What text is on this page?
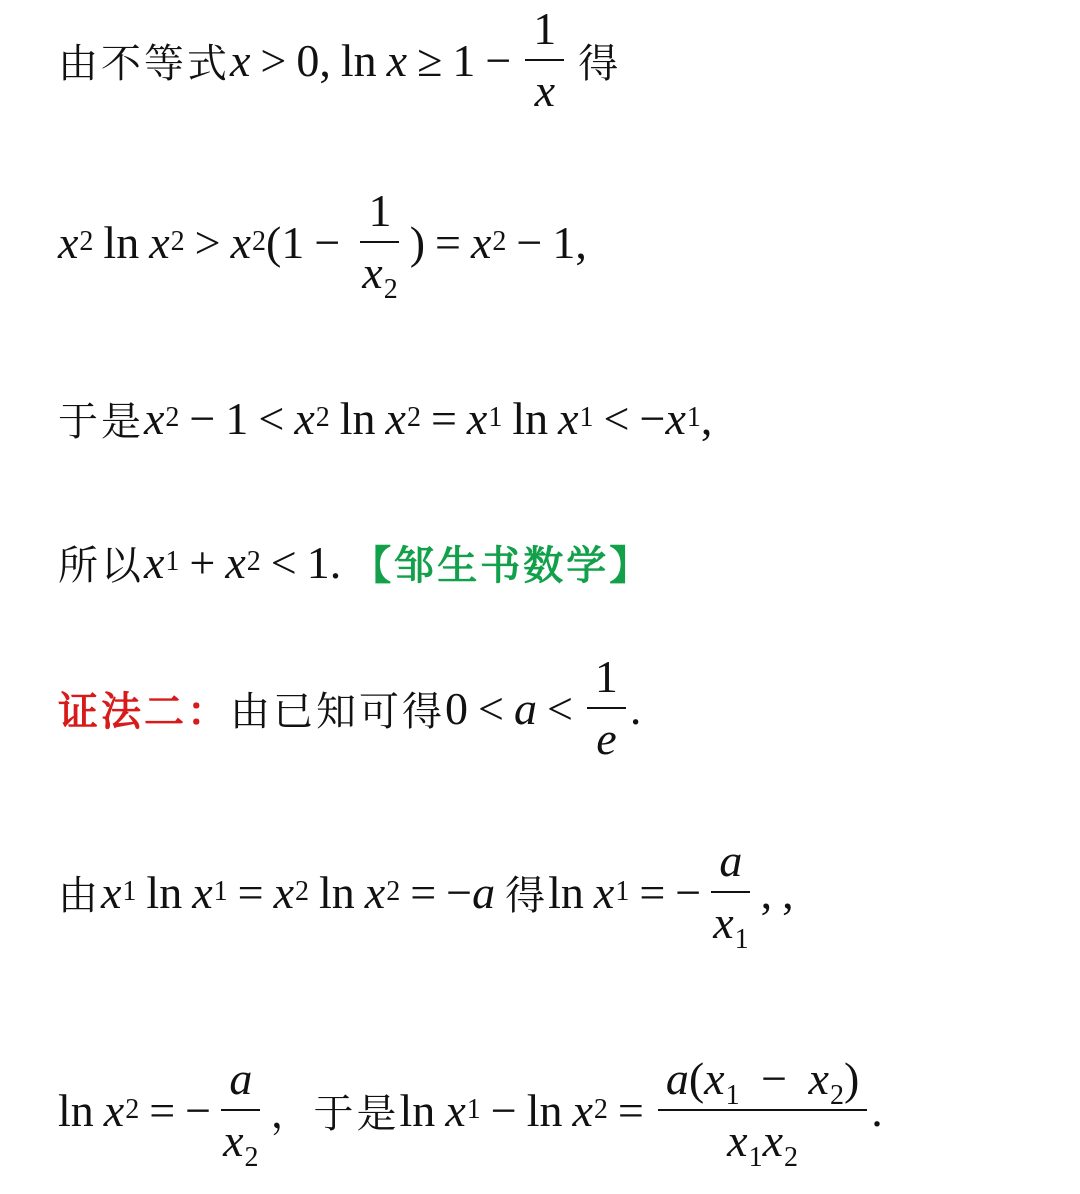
由不等式 x > 0 , $\ln x \ge 1 - \frac{1}{x}$ 得
x 2 ln x 2 > x 2 ( $1 - \frac{1}{x_2}$ ) = x 2 − 1 ,
于是 x 2 − 1 < x 2 ln x 2 = x 1 ln x 1 < − x 1 ,
所以 x 1 + x 2 < 1 . 【邹生书数学】
证法二： 由已知可得 $0 < a < \frac{1}{e}$ .
由 x 1 ln x 1 = x 2 ln x 2 = − a 得 ln x 1 = − $\frac{a}{x_1}$ , ,
ln x 2 = − $\frac{a}{x_2}$ ，于是 ln x 1 − ln x $2 = \frac{a(x_1 - x_2)}{x_1x_2}$ .
